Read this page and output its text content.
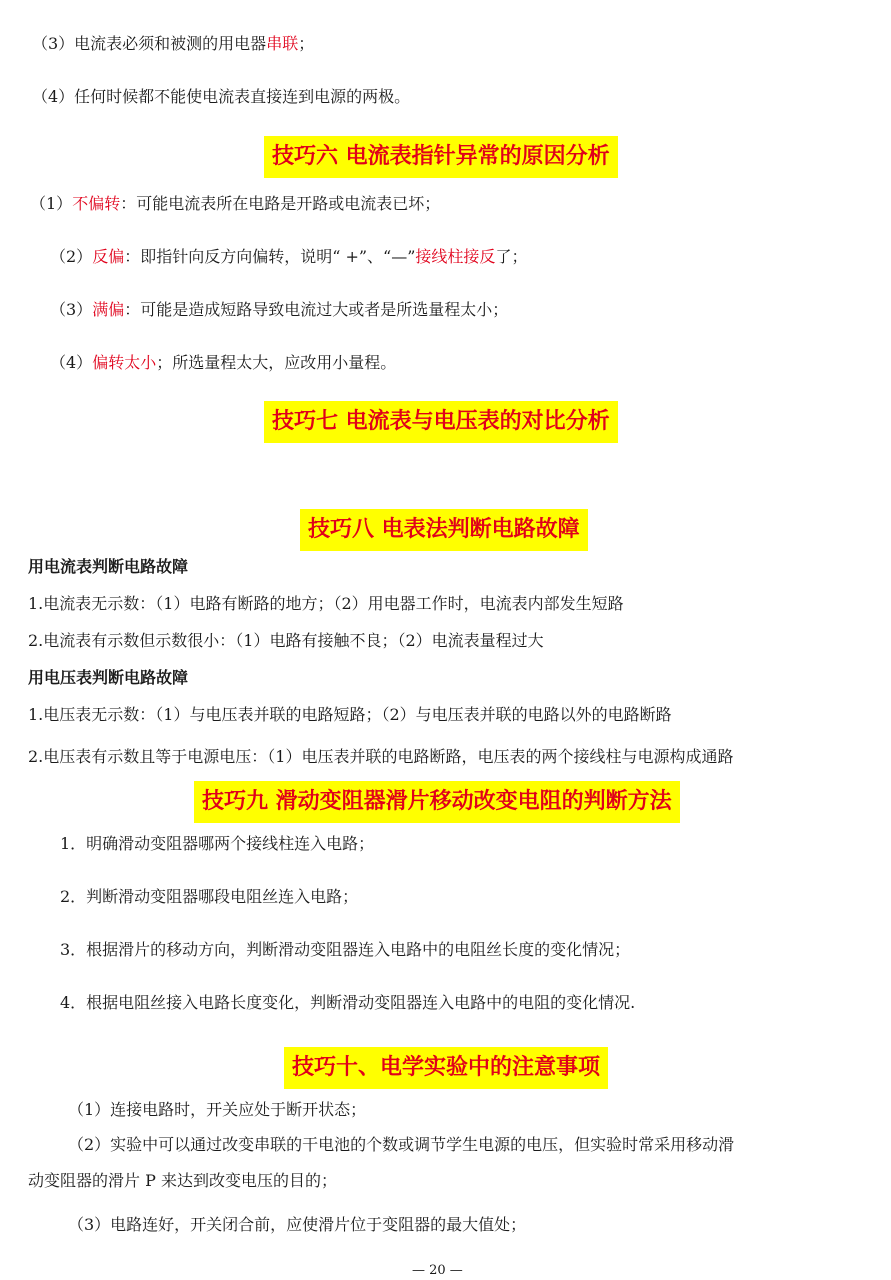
（3）电流表必须和被测的用电器串联；
（4）任何时候都不能使电流表直接连到电源的两极。
技巧六 电流表指针异常的原因分析
（1）不偏转：可能电流表所在电路是开路或电流表已坏；
（2）反偏：即指针向反方向偏转，说明“ +”、“—”接线柱接反了；
（3）满偏：可能是造成短路导致电流过大或者是所选量程太小；
（4）偏转太小；所选量程太大，应改用小量程。
技巧七 电流表与电压表的对比分析
技巧八 电表法判断电路故障
用电流表判断电路故障
1.电流表无示数：（1）电路有断路的地方；（2）用电器工作时，电流表内部发生短路
2.电流表有示数但示数很小：（1）电路有接触不良；（2）电流表量程过大
用电压表判断电路故障
1.电压表无示数：（1）与电压表并联的电路短路；（2）与电压表并联的电路以外的电路断路
2.电压表有示数且等于电源电压：（1）电压表并联的电路断路，电压表的两个接线柱与电源构成通路
技巧九 滑动变阻器滑片移动改变电阻的判断方法
1．明确滑动变阻器哪两个接线柱连入电路；
2．判断滑动变阻器哪段电阻丝连入电路；
3．根据滑片的移动方向，判断滑动变阻器连入电路中的电阻丝长度的变化情况；
4．根据电阻丝接入电路长度变化，判断滑动变阻器连入电路中的电阻的变化情况.
技巧十、电学实验中的注意事项
（1）连接电路时，开关应处于断开状态；
（2）实验中可以通过改变串联的干电池的个数或调节学生电源的电压，但实验时常采用移动滑
动变阻器的滑片 P 来达到改变电压的目的；
（3）电路连好，开关闭合前，应使滑片位于变阻器的最大值处；
— 20 —
